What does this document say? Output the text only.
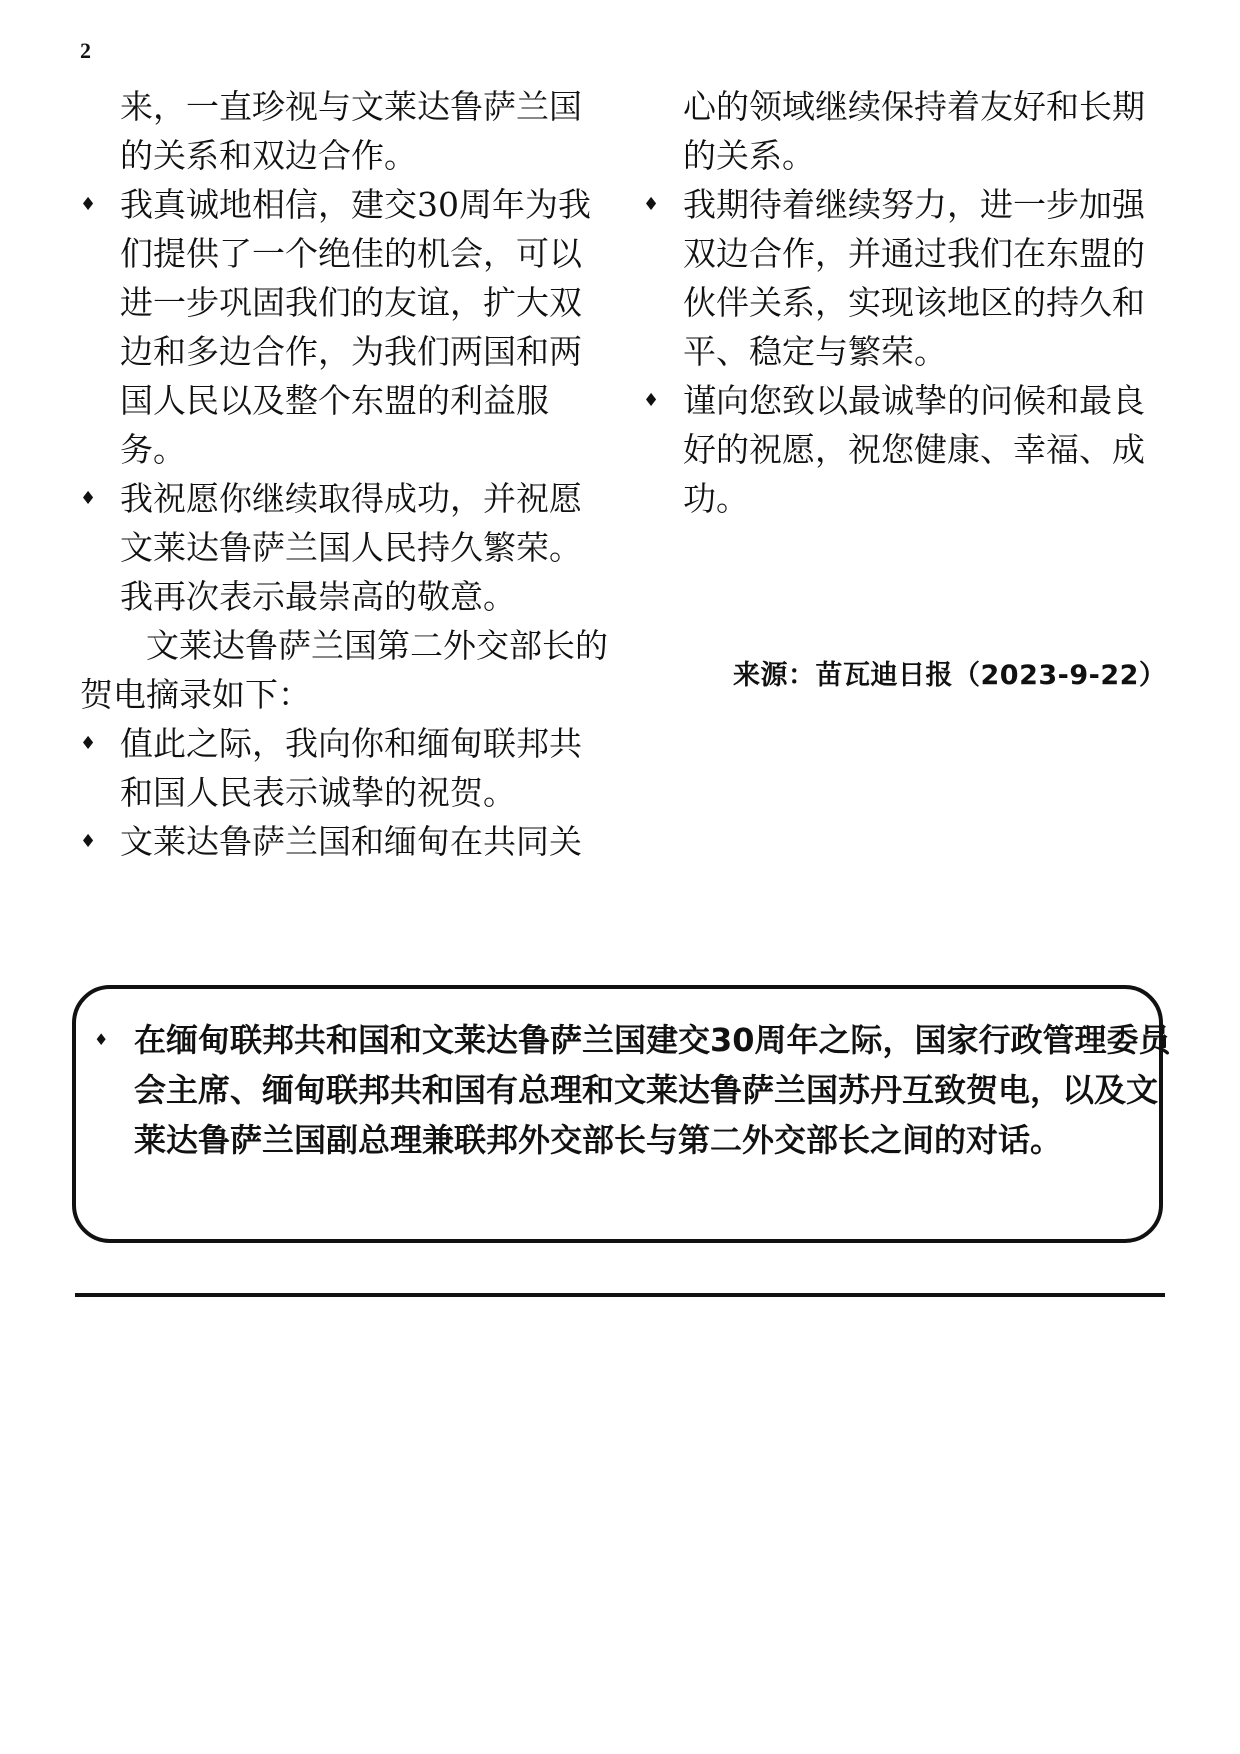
2

来，一直珍视与文莱达鲁萨兰国的关系和双边合作。

♦ 我真诚地相信，建交30周年为我们提供了一个绝佳的机会，可以进一步巩固我们的友谊，扩大双边和多边合作，为我们两国和两国人民以及整个东盟的利益服务。

♦ 我祝愿你继续取得成功，并祝愿文莱达鲁萨兰国人民持久繁荣。我再次表示最崇高的敬意。

文莱达鲁萨兰国第二外交部长的贺电摘录如下：

♦ 值此之际，我向你和缅甸联邦共和国人民表示诚挚的祝贺。

♦ 文莱达鲁萨兰国和缅甸在共同关

心的领域继续保持着友好和长期的关系。

♦ 我期待着继续努力，进一步加强双边合作，并通过我们在东盟的伙伴关系，实现该地区的持久和平、稳定与繁荣。

♦ 谨向您致以最诚挚的问候和最良好的祝愿，祝您健康、幸福、成功。

来源：苗瓦迪日报（2023-9-22）
♦ 在缅甸联邦共和国和文莱达鲁萨兰国建交30周年之际，国家行政管理委员会主席、缅甸联邦共和国有总理和文莱达鲁萨兰国苏丹互致贺电，以及文莱达鲁萨兰国副总理兼联邦外交部长与第二外交部长之间的对话。
